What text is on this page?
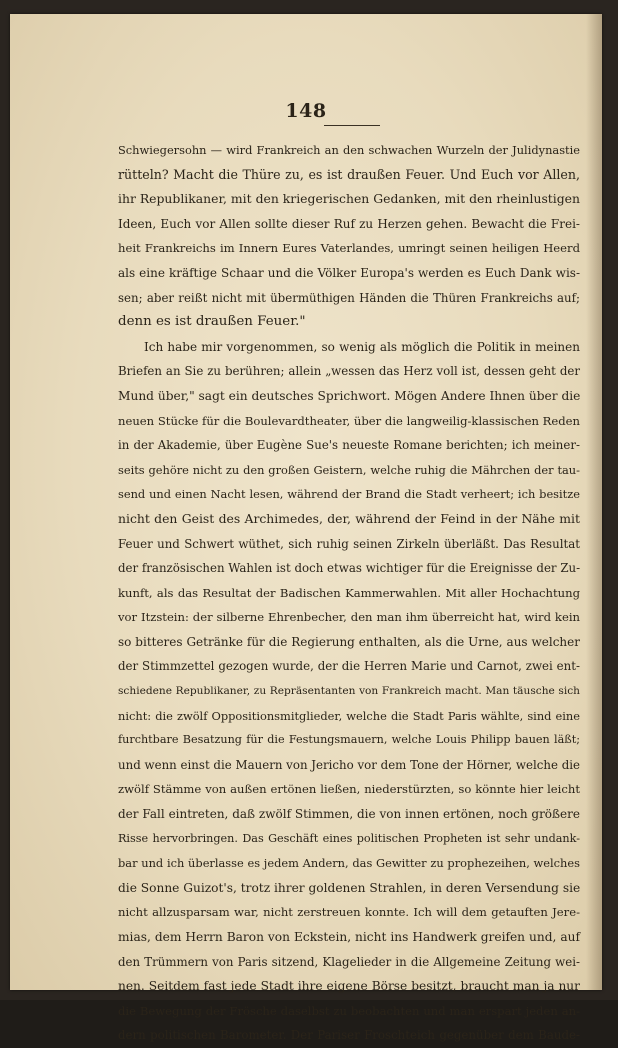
148
Schwiegersohn — wird Frankreich an den schwachen Wurzeln der Julidynastie
rütteln? Macht die Thüre zu, es ist draußen Feuer. Und Euch vor Allen,
ihr Republikaner, mit den kriegerischen Gedanken, mit den rheinlustigen
Ideen, Euch vor Allen sollte dieser Ruf zu Herzen gehen. Bewacht die Frei-
heit Frankreichs im Innern Eures Vaterlandes, umringt seinen heiligen Heerd
als eine kräftige Schaar und die Völker Europa's werden es Euch Dank wis-
sen; aber reißt nicht mit übermüthigen Händen die Thüren Frankreichs auf;
denn es ist draußen Feuer."
Ich habe mir vorgenommen, so wenig als möglich die Politik in meinen
Briefen an Sie zu berühren; allein „wessen das Herz voll ist, dessen geht der
Mund über," sagt ein deutsches Sprichwort. Mögen Andere Ihnen über die
neuen Stücke für die Boulevardtheater, über die langweilig-klassischen Reden
in der Akademie, über Eugène Sue's neueste Romane berichten; ich meiner-
seits gehöre nicht zu den großen Geistern, welche ruhig die Mährchen der tau-
send und einen Nacht lesen, während der Brand die Stadt verheert; ich besitze
nicht den Geist des Archimedes, der, während der Feind in der Nähe mit
Feuer und Schwert wüthet, sich ruhig seinen Zirkeln überläßt. Das Resultat
der französischen Wahlen ist doch etwas wichtiger für die Ereignisse der Zu-
kunft, als das Resultat der Badischen Kammerwahlen. Mit aller Hochachtung
vor Itzstein: der silberne Ehrenbecher, den man ihm überreicht hat, wird kein
so bitteres Getränke für die Regierung enthalten, als die Urne, aus welcher
der Stimmzettel gezogen wurde, der die Herren Marie und Carnot, zwei ent-
schiedene Republikaner, zu Repräsentanten von Frankreich macht. Man täusche sich
nicht: die zwölf Oppositionsmitglieder, welche die Stadt Paris wählte, sind eine
furchtbare Besatzung für die Festungsmauern, welche Louis Philipp bauen läßt;
und wenn einst die Mauern von Jericho vor dem Tone der Hörner, welche die
zwölf Stämme von außen ertönen ließen, niederstürzten, so könnte hier leicht
der Fall eintreten, daß zwölf Stimmen, die von innen ertönen, noch größere
Risse hervorbringen. Das Geschäft eines politischen Propheten ist sehr undank-
bar und ich überlasse es jedem Andern, das Gewitter zu prophezeihen, welches
die Sonne Guizot's, trotz ihrer goldenen Strahlen, in deren Versendung sie
nicht allzusparsam war, nicht zerstreuen konnte. Ich will dem getauften Jere-
mias, dem Herrn Baron von Eckstein, nicht ins Handwerk greifen und, auf
den Trümmern von Paris sitzend, Klagelieder in die Allgemeine Zeitung wei-
nen. Seitdem fast jede Stadt ihre eigene Börse besitzt, braucht man ja nur
die Bewegung der Frösche daselbst zu beobachten und man erspart jeden an-
dern politischen Barometer. Der Pariser Froschteich gegenüber dem Baude-
